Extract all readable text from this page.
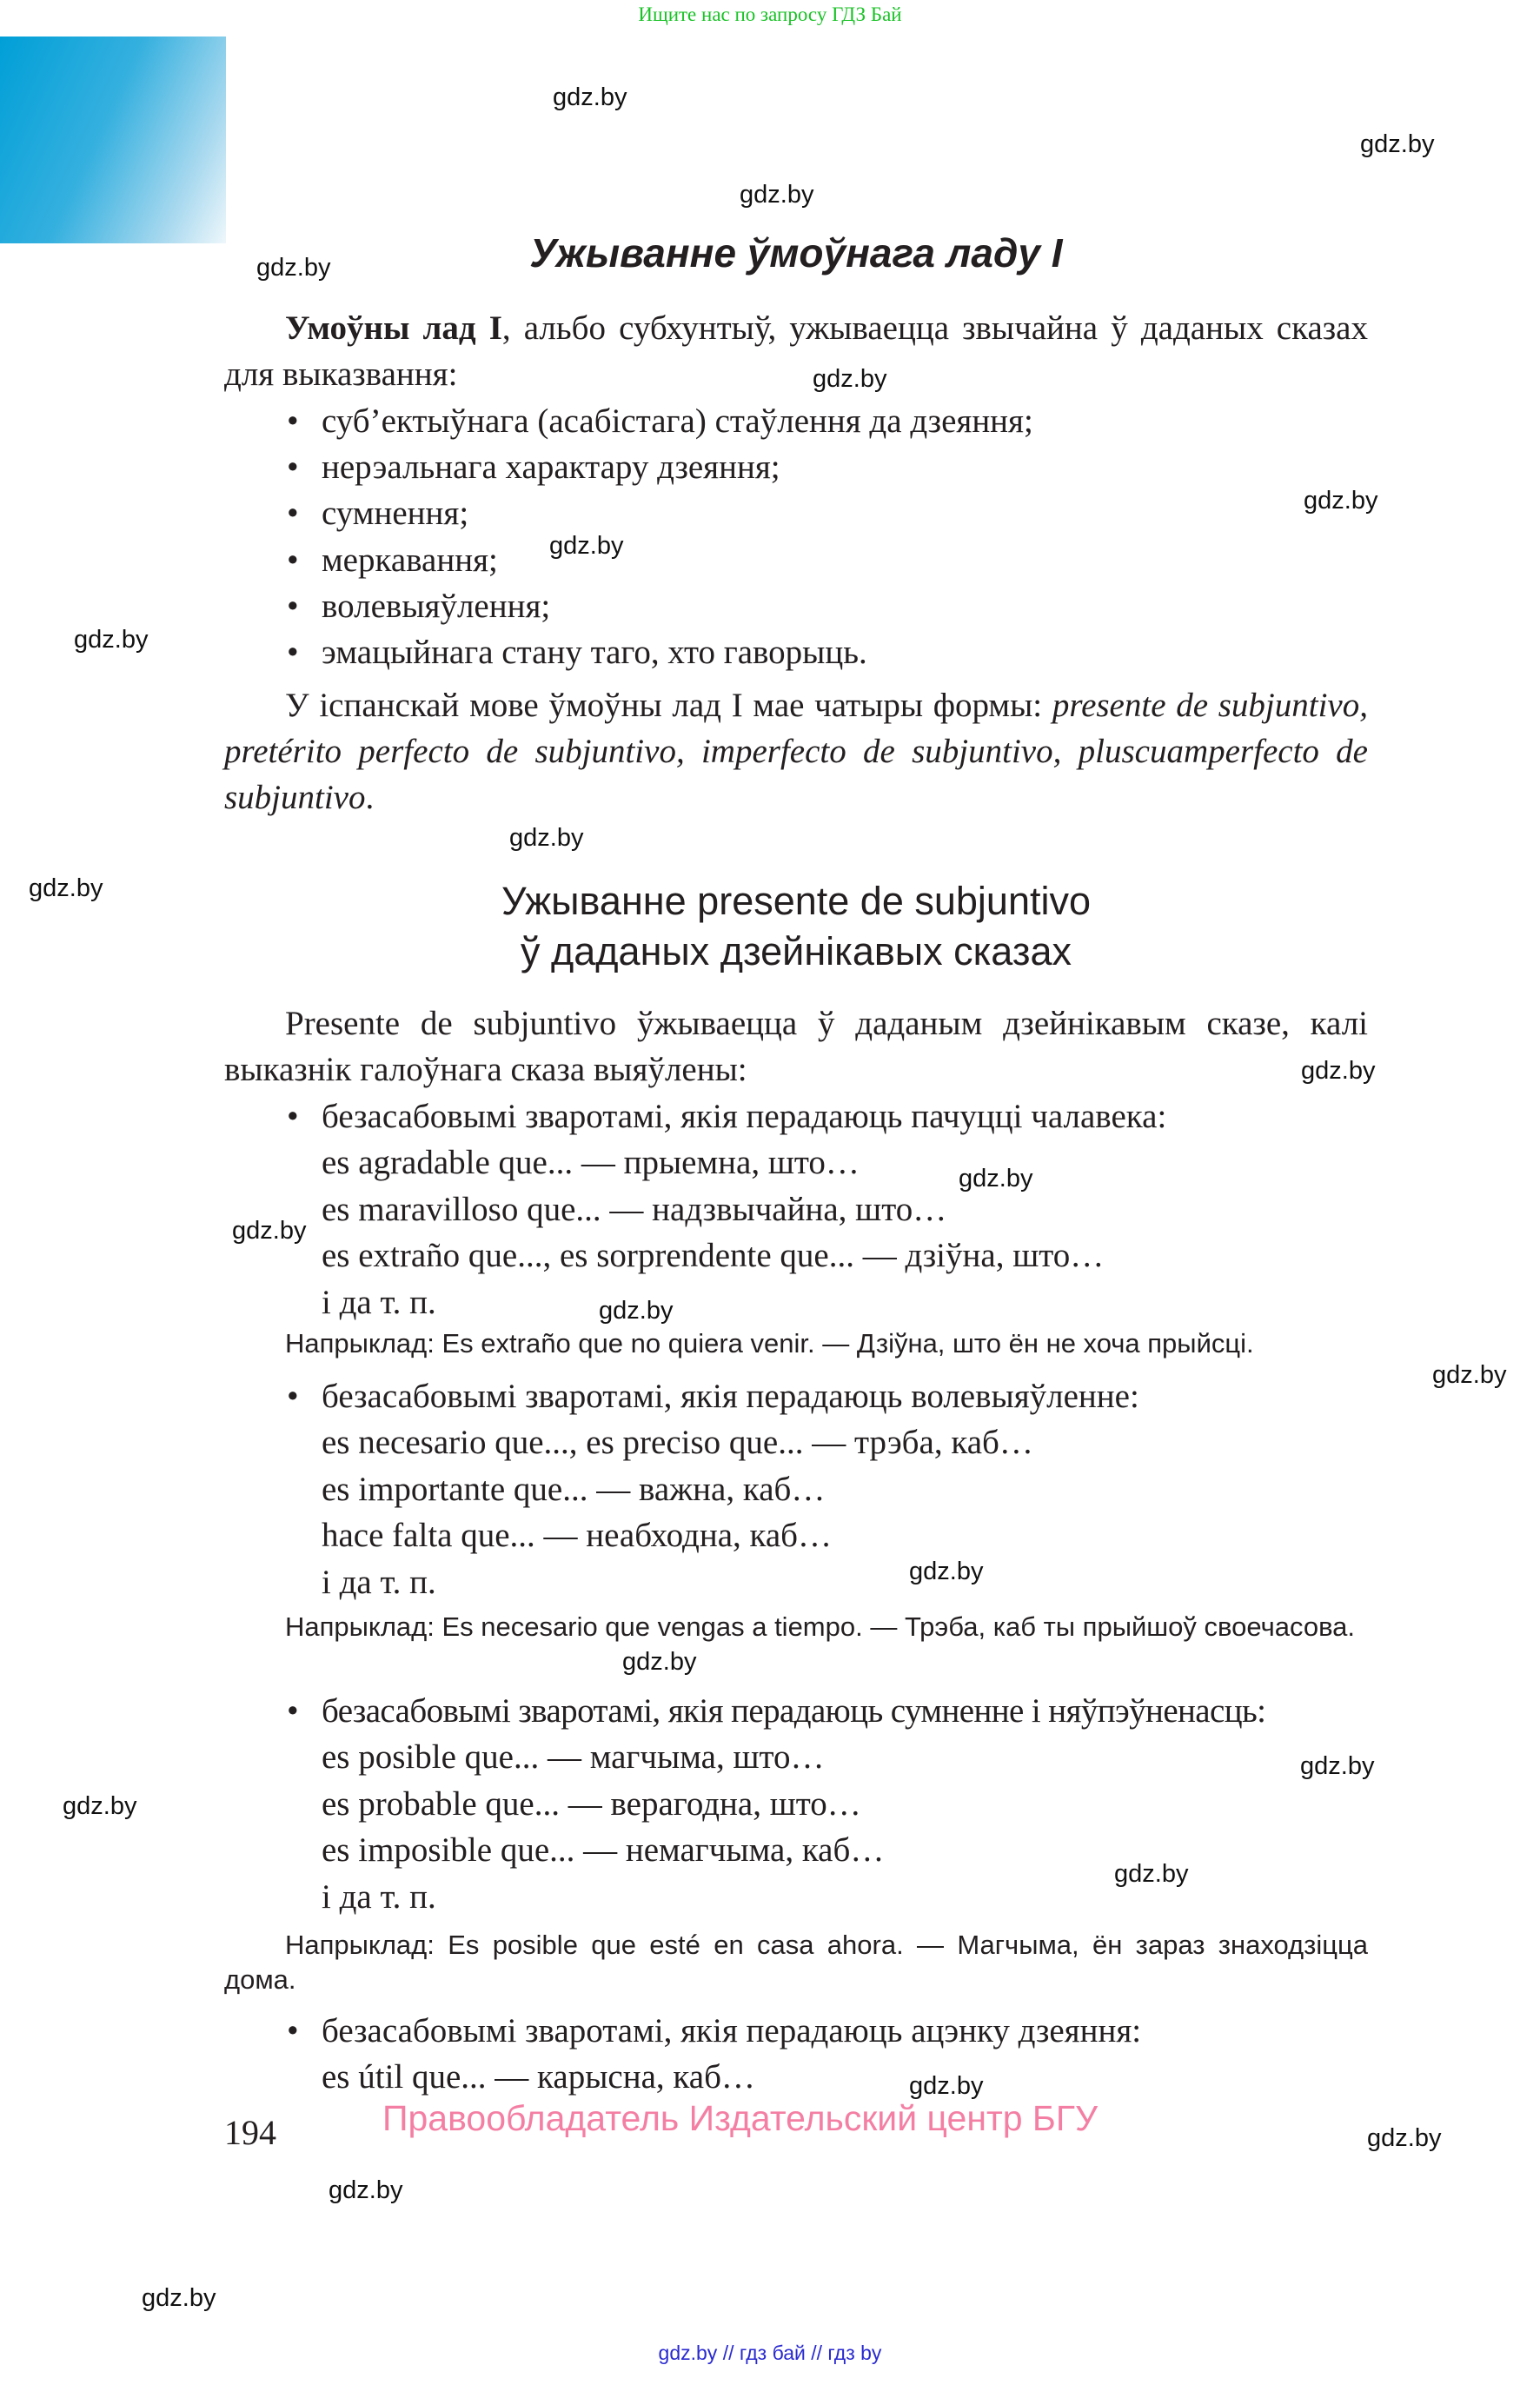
Ищите нас по запросу ГДЗ Бай
gdz.by
gdz.by
gdz.by
gdz.by
gdz.by
gdz.by
gdz.by
gdz.by
gdz.by
gdz.by
gdz.by
gdz.by
gdz.by
gdz.by
gdz.by
gdz.by
gdz.by
gdz.by
gdz.by
gdz.by
gdz.by
gdz.by
gdz.by
gdz.by
Ужыванне ўмоўнага ладу I
Умоўны лад I, альбо субхунтыў, ужываецца звычайна ў даданых сказах для выказвання:
• суб’ектыўнага (асабістага) стаўлення да дзеяння;
• нерэальнага характару дзеяння;
• сумнення;
• меркавання;
• волевыяўлення;
• эмацыйнага стану таго, хто гаворыць.
У іспанскай мове ўмоўны лад I мае чатыры формы: presente de subjuntivo, pretérito perfecto de subjuntivo, imperfecto de subjuntivo, pluscuamperfecto de subjuntivo.
Ужыванне presente de subjuntivo
ў даданых дзейнікавых сказах
Presente de subjuntivo ўжываецца ў даданым дзейнікавым сказе, калі выказнік галоўнага сказа выяўлены:
• безасабовымі зваротамі, якія перадаюць пачуцці чалавека:
es agradable que... — прыемна, што…
es maravilloso que... — надзвычайна, што…
es extraño que..., es sorprendente que... — дзіўна, што…
і да т. п.
Напрыклад: Es extraño que no quiera venir. — Дзіўна, што ён не хоча прыйсці.
• безасабовымі зваротамі, якія перадаюць волевыяўленне:
es necesario que..., es preciso que... — трэба, каб…
es importante que... — важна, каб…
hace falta que... — неабходна, каб…
і да т. п.
Напрыклад: Es necesario que vengas a tiempo. — Трэба, каб ты прыйшоў своечасова.
• безасабовымі зваротамі, якія перадаюць сумненне і няўпэўненасць:
es posible que... — магчыма, што…
es probable que... — верагодна, што…
es imposible que... — немагчыма, каб…
і да т. п.
Напрыклад: Es posible que esté en casa ahora. — Магчыма, ён зараз знаходзіцца дома.
• безасабовымі зваротамі, якія перадаюць ацэнку дзеяння:
es útil que... — карысна, каб…
194	Правообладатель Издательский центр БГУ
gdz.by // гдз бай // гдз by
